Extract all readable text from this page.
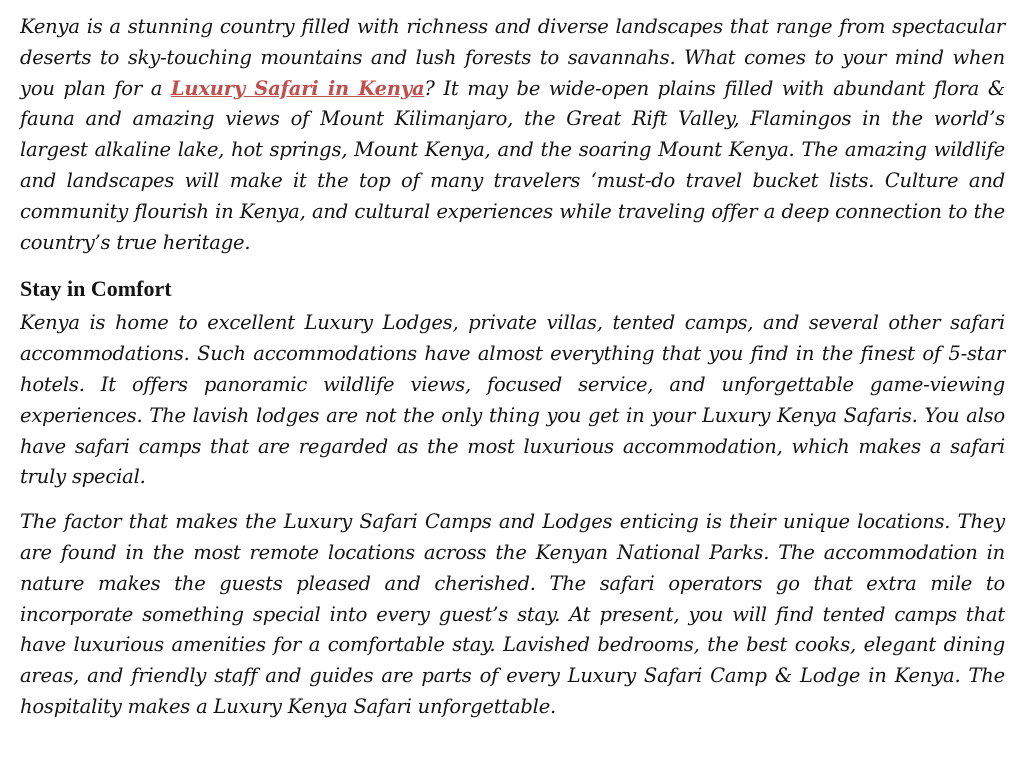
Kenya is a stunning country filled with richness and diverse landscapes that range from spectacular deserts to sky-touching mountains and lush forests to savannahs. What comes to your mind when you plan for a Luxury Safari in Kenya? It may be wide-open plains filled with abundant flora & fauna and amazing views of Mount Kilimanjaro, the Great Rift Valley, Flamingos in the world’s largest alkaline lake, hot springs, Mount Kenya, and the soaring Mount Kenya. The amazing wildlife and landscapes will make it the top of many travelers ‘must-do travel bucket lists. Culture and community flourish in Kenya, and cultural experiences while traveling offer a deep connection to the country’s true heritage.

Stay in Comfort

Kenya is home to excellent Luxury Lodges, private villas, tented camps, and several other safari accommodations. Such accommodations have almost everything that you find in the finest of 5-star hotels. It offers panoramic wildlife views, focused service, and unforgettable game-viewing experiences. The lavish lodges are not the only thing you get in your Luxury Kenya Safaris. You also have safari camps that are regarded as the most luxurious accommodation, which makes a safari truly special.

The factor that makes the Luxury Safari Camps and Lodges enticing is their unique locations. They are found in the most remote locations across the Kenyan National Parks. The accommodation in nature makes the guests pleased and cherished. The safari operators go that extra mile to incorporate something special into every guest’s stay. At present, you will find tented camps that have luxurious amenities for a comfortable stay. Lavished bedrooms, the best cooks, elegant dining areas, and friendly staff and guides are parts of every Luxury Safari Camp & Lodge in Kenya. The hospitality makes a Luxury Kenya Safari unforgettable.
